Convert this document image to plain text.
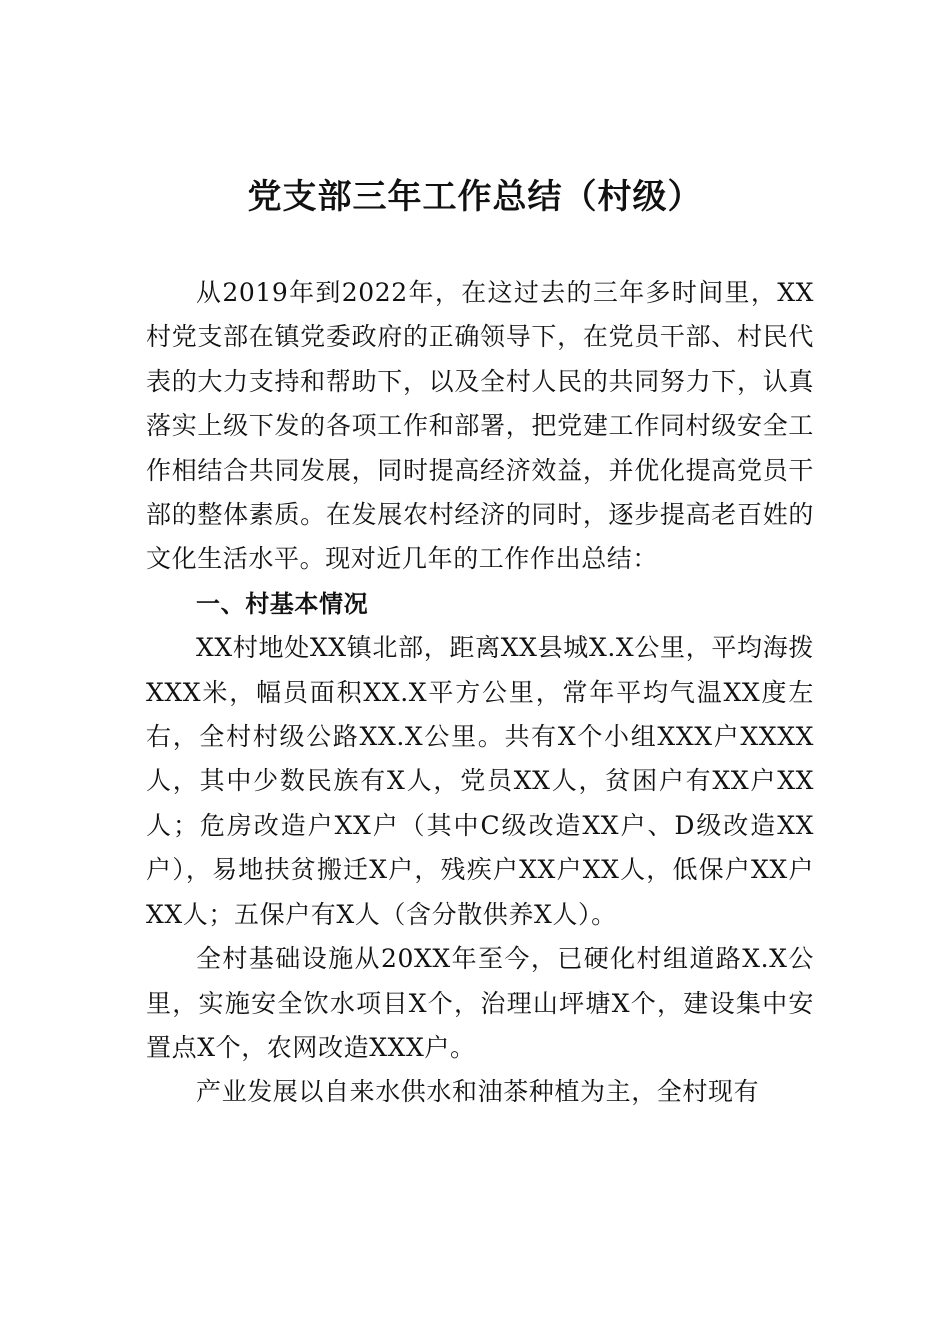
党支部三年工作总结（村级）

从2019年到2022年，在这过去的三年多时间里，XX村党支部在镇党委政府的正确领导下，在党员干部、村民代表的大力支持和帮助下，以及全村人民的共同努力下，认真落实上级下发的各项工作和部署，把党建工作同村级安全工作相结合共同发展，同时提高经济效益，并优化提高党员干部的整体素质。在发展农村经济的同时，逐步提高老百姓的文化生活水平。现对近几年的工作作出总结：

一、村基本情况

XX村地处XX镇北部，距离XX县城X.X公里，平均海拨XXX米，幅员面积XX.X平方公里，常年平均气温XX度左右，全村村级公路XX.X公里。共有X个小组XXX户XXXX人，其中少数民族有X人，党员XX人，贫困户有XX户XX人；危房改造户XX户（其中C级改造XX户、D级改造XX户），易地扶贫搬迁X户，残疾户XX户XX人，低保户XX户XX人；五保户有X人（含分散供养X人）。

全村基础设施从20XX年至今，已硬化村组道路X.X公里，实施安全饮水项目X个，治理山坪塘X个，建设集中安置点X个，农网改造XXX户。

产业发展以自来水供水和油茶种植为主，全村现有
